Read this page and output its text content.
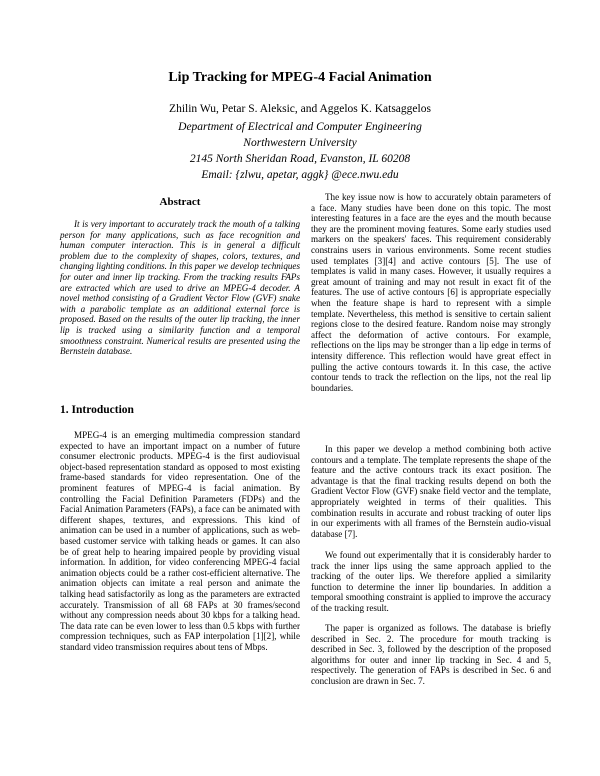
Lip Tracking for MPEG-4 Facial Animation
Zhilin Wu, Petar S. Aleksic, and Aggelos K. Katsaggelos
Department of Electrical and Computer Engineering
Northwestern University
2145 North Sheridan Road, Evanston, IL 60208
Email: {zlwu, apetar, aggk} @ece.nwu.edu
Abstract

It is very important to accurately track the mouth of a talking person for many applications, such as face recognition and human computer interaction. This is in general a difficult problem due to the complexity of shapes, colors, textures, and changing lighting conditions. In this paper we develop techniques for outer and inner lip tracking. From the tracking results FAPs are extracted which are used to drive an MPEG-4 decoder. A novel method consisting of a Gradient Vector Flow (GVF) snake with a parabolic template as an additional external force is proposed. Based on the results of the outer lip tracking, the inner lip is tracked using a similarity function and a temporal smoothness constraint. Numerical results are presented using the Bernstein database.

1. Introduction

MPEG-4 is an emerging multimedia compression standard expected to have an important impact on a number of future consumer electronic products. MPEG-4 is the first audiovisual object-based representation standard as opposed to most existing frame-based standards for video representation. One of the prominent features of MPEG-4 is facial animation. By controlling the Facial Definition Parameters (FDPs) and the Facial Animation Parameters (FAPs), a face can be animated with different shapes, textures, and expressions. This kind of animation can be used in a number of applications, such as web-based customer service with talking heads or games. It can also be of great help to hearing impaired people by providing visual information. In addition, for video conferencing MPEG-4 facial animation objects could be a rather cost-efficient alternative. The animation objects can imitate a real person and animate the talking head satisfactorily as long as the parameters are extracted accurately. Transmission of all 68 FAPs at 30 frames/second without any compression needs about 30 kbps for a talking head. The data rate can be even lower to less than 0.5 kbps with further compression techniques, such as FAP interpolation [1][2], while standard video transmission requires about tens of Mbps.

The key issue now is how to accurately obtain parameters of a face. Many studies have been done on this topic. The most interesting features in a face are the eyes and the mouth because they are the prominent moving features. Some early studies used markers on the speakers' faces. This requirement considerably constrains users in various environments. Some recent studies used templates [3][4] and active contours [5]. The use of templates is valid in many cases. However, it usually requires a great amount of training and may not result in exact fit of the features. The use of active contours [6] is appropriate especially when the feature shape is hard to represent with a simple template. Nevertheless, this method is sensitive to certain salient regions close to the desired feature. Random noise may strongly affect the deformation of active contours. For example, reflections on the lips may be stronger than a lip edge in terms of intensity difference. This reflection would have great effect in pulling the active contours towards it. In this case, the active contour tends to track the reflection on the lips, not the real lip boundaries.

In this paper we develop a method combining both active contours and a template. The template represents the shape of the feature and the active contours track its exact position. The advantage is that the final tracking results depend on both the Gradient Vector Flow (GVF) snake field vector and the template, appropriately weighted in terms of their qualities. This combination results in accurate and robust tracking of outer lips in our experiments with all frames of the Bernstein audio-visual database [7].

We found out experimentally that it is considerably harder to track the inner lips using the same approach applied to the tracking of the outer lips. We therefore applied a similarity function to determine the inner lip boundaries. In addition a temporal smoothing constraint is applied to improve the accuracy of the tracking result.

The paper is organized as follows. The database is briefly described in Sec. 2. The procedure for mouth tracking is described in Sec. 3, followed by the description of the proposed algorithms for outer and inner lip tracking in Sec. 4 and 5, respectively. The generation of FAPs is described in Sec. 6 and conclusion are drawn in Sec. 7.
